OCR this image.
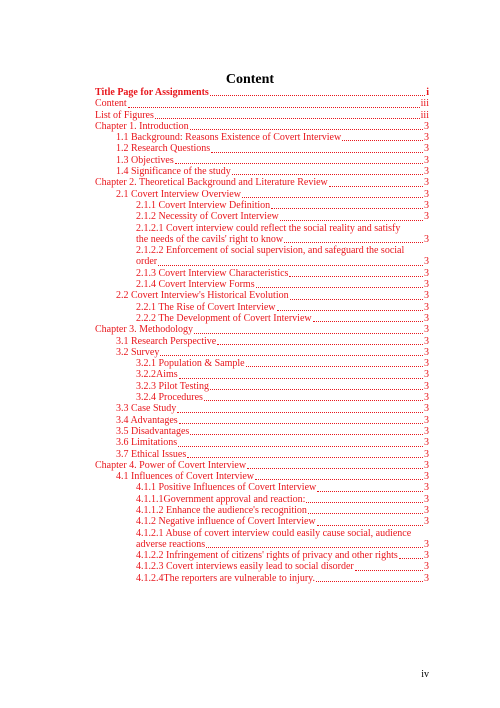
Content
Title Page for Assignments	i
Content	iii
List of Figures	iii
Chapter 1. Introduction	3
1.1 Background: Reasons Existence of Covert Interview	3
1.2 Research Questions	3
1.3 Objectives	3
1.4 Significance of the study	3
Chapter 2. Theoretical Background and Literature Review	3
2.1 Covert Interview Overview	3
2.1.1 Covert Interview Definition	3
2.1.2 Necessity of Covert Interview	3
2.1.2.1 Covert interview could reflect the social reality and satisfy
the needs of the cavils' right to know	3
2.1.2.2 Enforcement of social supervision, and safeguard the social
order	3
2.1.3 Covert Interview Characteristics	3
2.1.4 Covert Interview Forms	3
2.2 Covert Interview's Historical Evolution	3
2.2.1 The Rise of Covert Interview	3
2.2.2 The Development of Covert Interview	3
Chapter 3. Methodology	3
3.1 Research Perspective	3
3.2 Survey	3
3.2.1 Population & Sample	3
3.2.2Aims	3
3.2.3 Pilot Testing	3
3.2.4 Procedures	3
3.3 Case Study	3
3.4 Advantages	3
3.5 Disadvantages	3
3.6 Limitations	3
3.7 Ethical Issues	3
Chapter 4. Power of Covert Interview	3
4.1 Influences of Covert Interview	3
4.1.1 Positive Influences of Covert Interview	3
4.1.1.1Government approval and reaction:	3
4.1.1.2 Enhance the audience's recognition	3
4.1.2 Negative influence of Covert Interview	3
4.1.2.1 Abuse of covert interview could easily cause social, audience
adverse reactions	3
4.1.2.2 Infringement of citizens' rights of privacy and other rights	3
4.1.2.3 Covert interviews easily lead to social disorder	3
4.1.2.4The reporters are vulnerable to injury.	3
iv
